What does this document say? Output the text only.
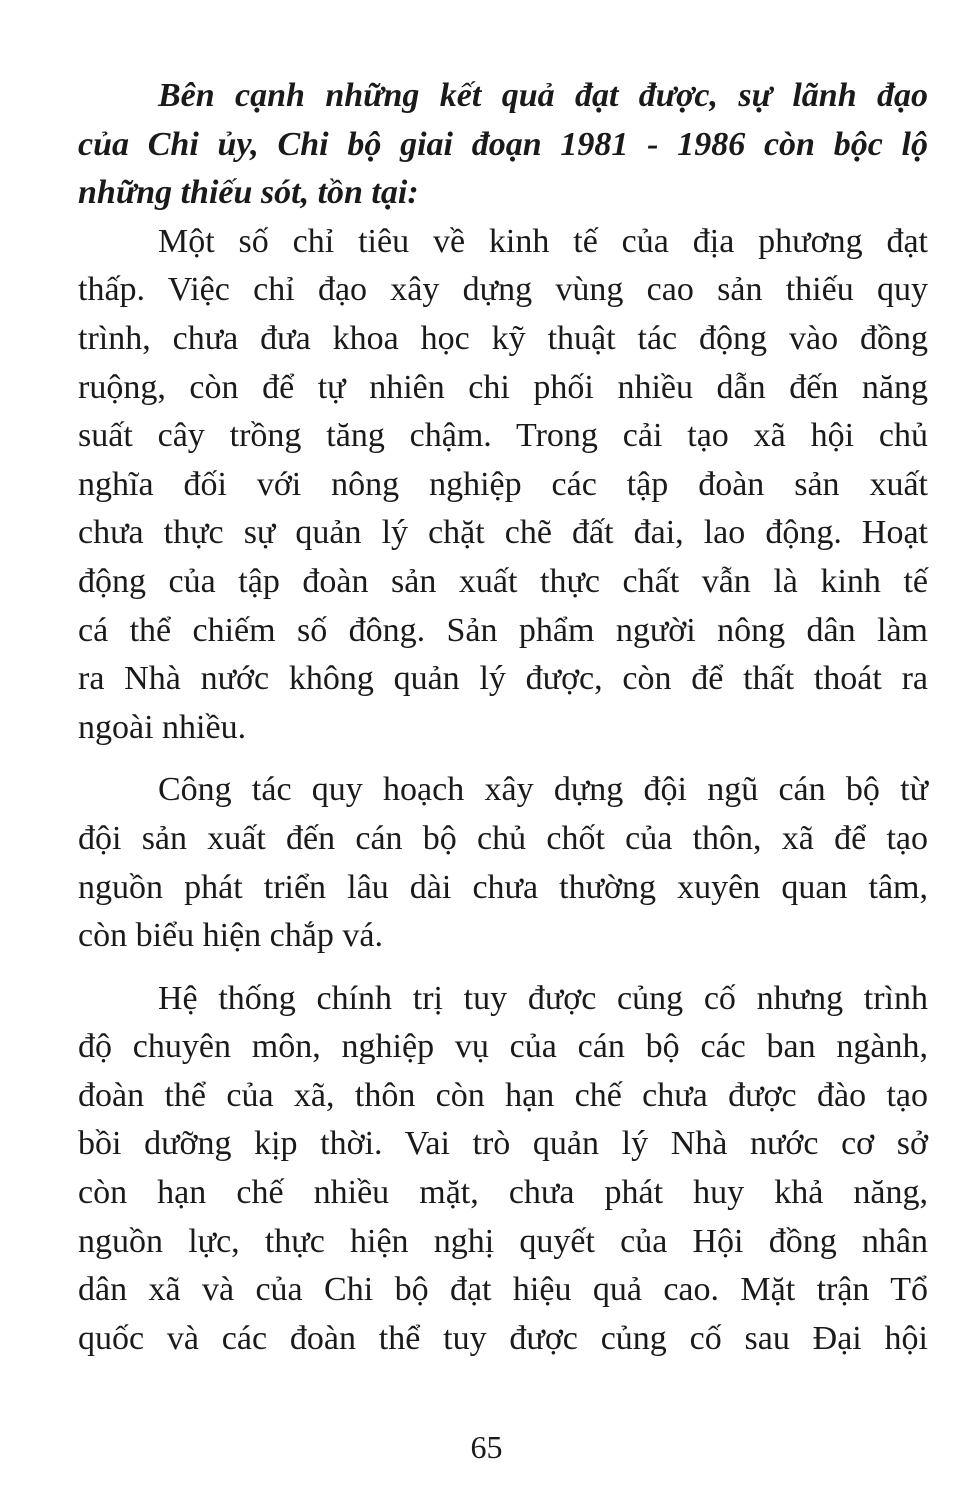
Bên cạnh những kết quả đạt được, sự lãnh đạo
của Chi ủy, Chi bộ giai đoạn 1981 - 1986 còn bộc lộ
những thiếu sót, tồn tại:
Một số chỉ tiêu về kinh tế của địa phương đạt
thấp. Việc chỉ đạo xây dựng vùng cao sản thiếu quy
trình, chưa đưa khoa học kỹ thuật tác động vào đồng
ruộng, còn để tự nhiên chi phối nhiều dẫn đến năng
suất cây trồng tăng chậm. Trong cải tạo xã hội chủ
nghĩa đối với nông nghiệp các tập đoàn sản xuất
chưa thực sự quản lý chặt chẽ đất đai, lao động. Hoạt
động của tập đoàn sản xuất thực chất vẫn là kinh tế
cá thể chiếm số đông. Sản phẩm người nông dân làm
ra Nhà nước không quản lý được, còn để thất thoát ra
ngoài nhiều.
Công tác quy hoạch xây dựng đội ngũ cán bộ từ
đội sản xuất đến cán bộ chủ chốt của thôn, xã để tạo
nguồn phát triển lâu dài chưa thường xuyên quan tâm,
còn biểu hiện chắp vá.
Hệ thống chính trị tuy được củng cố nhưng trình
độ chuyên môn, nghiệp vụ của cán bộ các ban ngành,
đoàn thể của xã, thôn còn hạn chế chưa được đào tạo
bồi dưỡng kịp thời. Vai trò quản lý Nhà nước cơ sở
còn hạn chế nhiều mặt, chưa phát huy khả năng,
nguồn lực, thực hiện nghị quyết của Hội đồng nhân
dân xã và của Chi bộ đạt hiệu quả cao. Mặt trận Tổ
quốc và các đoàn thể tuy được củng cố sau Đại hội
65
